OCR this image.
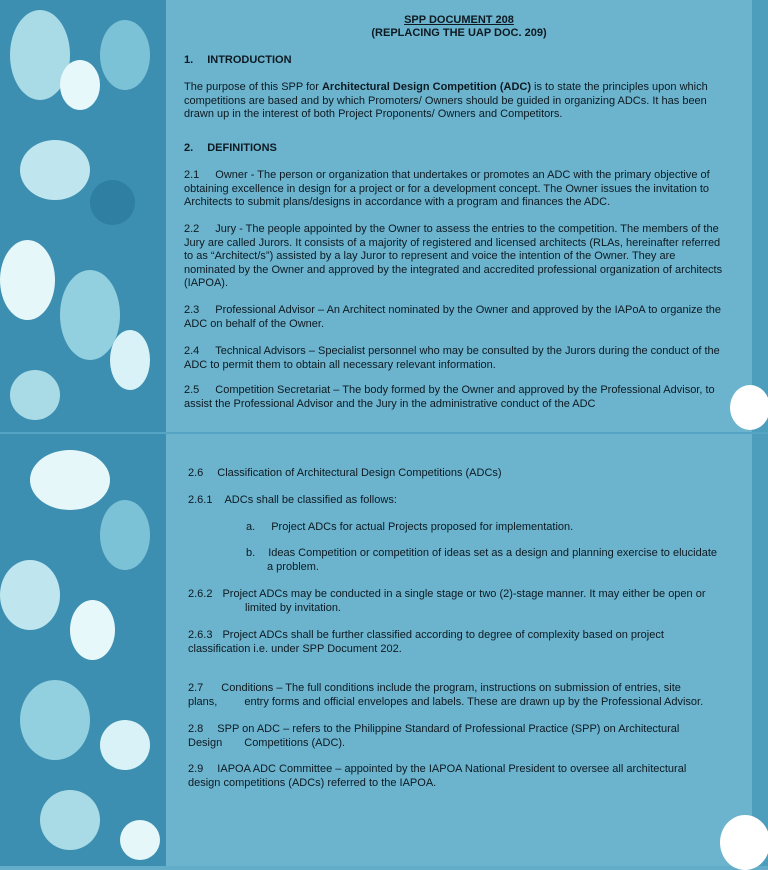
SPP DOCUMENT 208
(REPLACING THE UAP DOC. 209)
1. INTRODUCTION
The purpose of this SPP for Architectural Design Competition (ADC) is to state the principles upon which competitions are based and by which Promoters/ Owners should be guided in organizing ADCs. It has been drawn up in the interest of both Project Proponents/ Owners and Competitors.
2. DEFINITIONS
2.1 Owner - The person or organization that undertakes or promotes an ADC with the primary objective of obtaining excellence in design for a project or for a development concept. The Owner issues the invitation to Architects to submit plans/designs in accordance with a program and finances the ADC.
2.2 Jury - The people appointed by the Owner to assess the entries to the competition. The members of the Jury are called Jurors. It consists of a majority of registered and licensed architects (RLAs, hereinafter referred to as “Architect/s”) assisted by a lay Juror to represent and voice the intention of the Owner. They are nominated by the Owner and approved by the integrated and accredited professional organization of architects (IAPOA).
2.3 Professional Advisor – An Architect nominated by the Owner and approved by the IAPoA to organize the ADC on behalf of the Owner.
2.4 Technical Advisors – Specialist personnel who may be consulted by the Jurors during the conduct of the ADC to permit them to obtain all necessary relevant information.
2.5 Competition Secretariat – The body formed by the Owner and approved by the Professional Advisor, to assist the Professional Advisor and the Jury in the administrative conduct of the ADC
2.6 Classification of Architectural Design Competitions (ADCs)
2.6.1 ADCs shall be classified as follows:
a. Project ADCs for actual Projects proposed for implementation.
b. Ideas Competition or competition of ideas set as a design and planning exercise to elucidate
a problem.
2.6.2 Project ADCs may be conducted in a single stage or two (2)-stage manner. It may either be open or
limited by invitation.
2.6.3 Project ADCs shall be further classified according to degree of complexity based on project
classification i.e. under SPP Document 202.
2.7 Conditions – The full conditions include the program, instructions on submission of entries, site
plans, entry forms and official envelopes and labels. These are drawn up by the Professional Advisor.
2.8 SPP on ADC – refers to the Philippine Standard of Professional Practice (SPP) on Architectural
Design Competitions (ADC).
2.9 IAPOA ADC Committee – appointed by the IAPOA National President to oversee all architectural
design competitions (ADCs) referred to the IAPOA.
